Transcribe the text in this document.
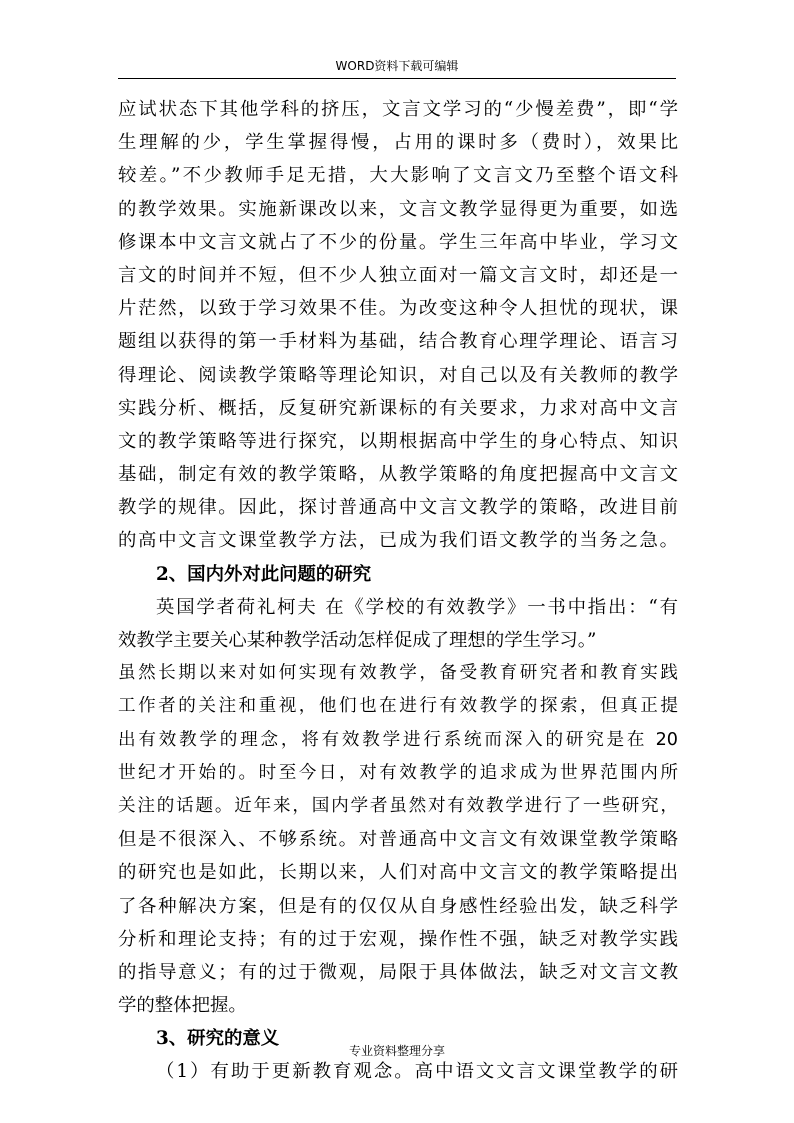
WORD资料下载可编辑
应试状态下其他学科的挤压，文言文学习的“少慢差费”，即“学
生理解的少，学生掌握得慢，占用的课时多（费时），效果比
较差。”不少教师手足无措，大大影响了文言文乃至整个语文科
的教学效果。实施新课改以来，文言文教学显得更为重要，如选
修课本中文言文就占了不少的份量。学生三年高中毕业，学习文
言文的时间并不短，但不少人独立面对一篇文言文时，却还是一
片茫然，以致于学习效果不佳。为改变这种令人担忧的现状，课
题组以获得的第一手材料为基础，结合教育心理学理论、语言习
得理论、阅读教学策略等理论知识，对自己以及有关教师的教学
实践分析、概括，反复研究新课标的有关要求，力求对高中文言
文的教学策略等进行探究，以期根据高中学生的身心特点、知识
基础，制定有效的教学策略，从教学策略的角度把握高中文言文
教学的规律。因此，探讨普通高中文言文教学的策略，改进目前
的高中文言文课堂教学方法，已成为我们语文教学的当务之急。
2、国内外对此问题的研究
英国学者荷礼柯夫 在《学校的有效教学》一书中指出：“有
效教学主要关心某种教学活动怎样促成了理想的学生学习。”
虽然长期以来对如何实现有效教学，备受教育研究者和教育实践
工作者的关注和重视，他们也在进行有效教学的探索，但真正提
出有效教学的理念，将有效教学进行系统而深入的研究是在 20
世纪才开始的。时至今日，对有效教学的追求成为世界范围内所
关注的话题。近年来，国内学者虽然对有效教学进行了一些研究，
但是不很深入、不够系统。对普通高中文言文有效课堂教学策略
的研究也是如此，长期以来，人们对高中文言文的教学策略提出
了各种解决方案，但是有的仅仅从自身感性经验出发，缺乏科学
分析和理论支持；有的过于宏观，操作性不强，缺乏对教学实践
的指导意义；有的过于微观，局限于具体做法，缺乏对文言文教
学的整体把握。
3、研究的意义
（1）有助于更新教育观念。高中语文文言文课堂教学的研
专业资料整理分享
